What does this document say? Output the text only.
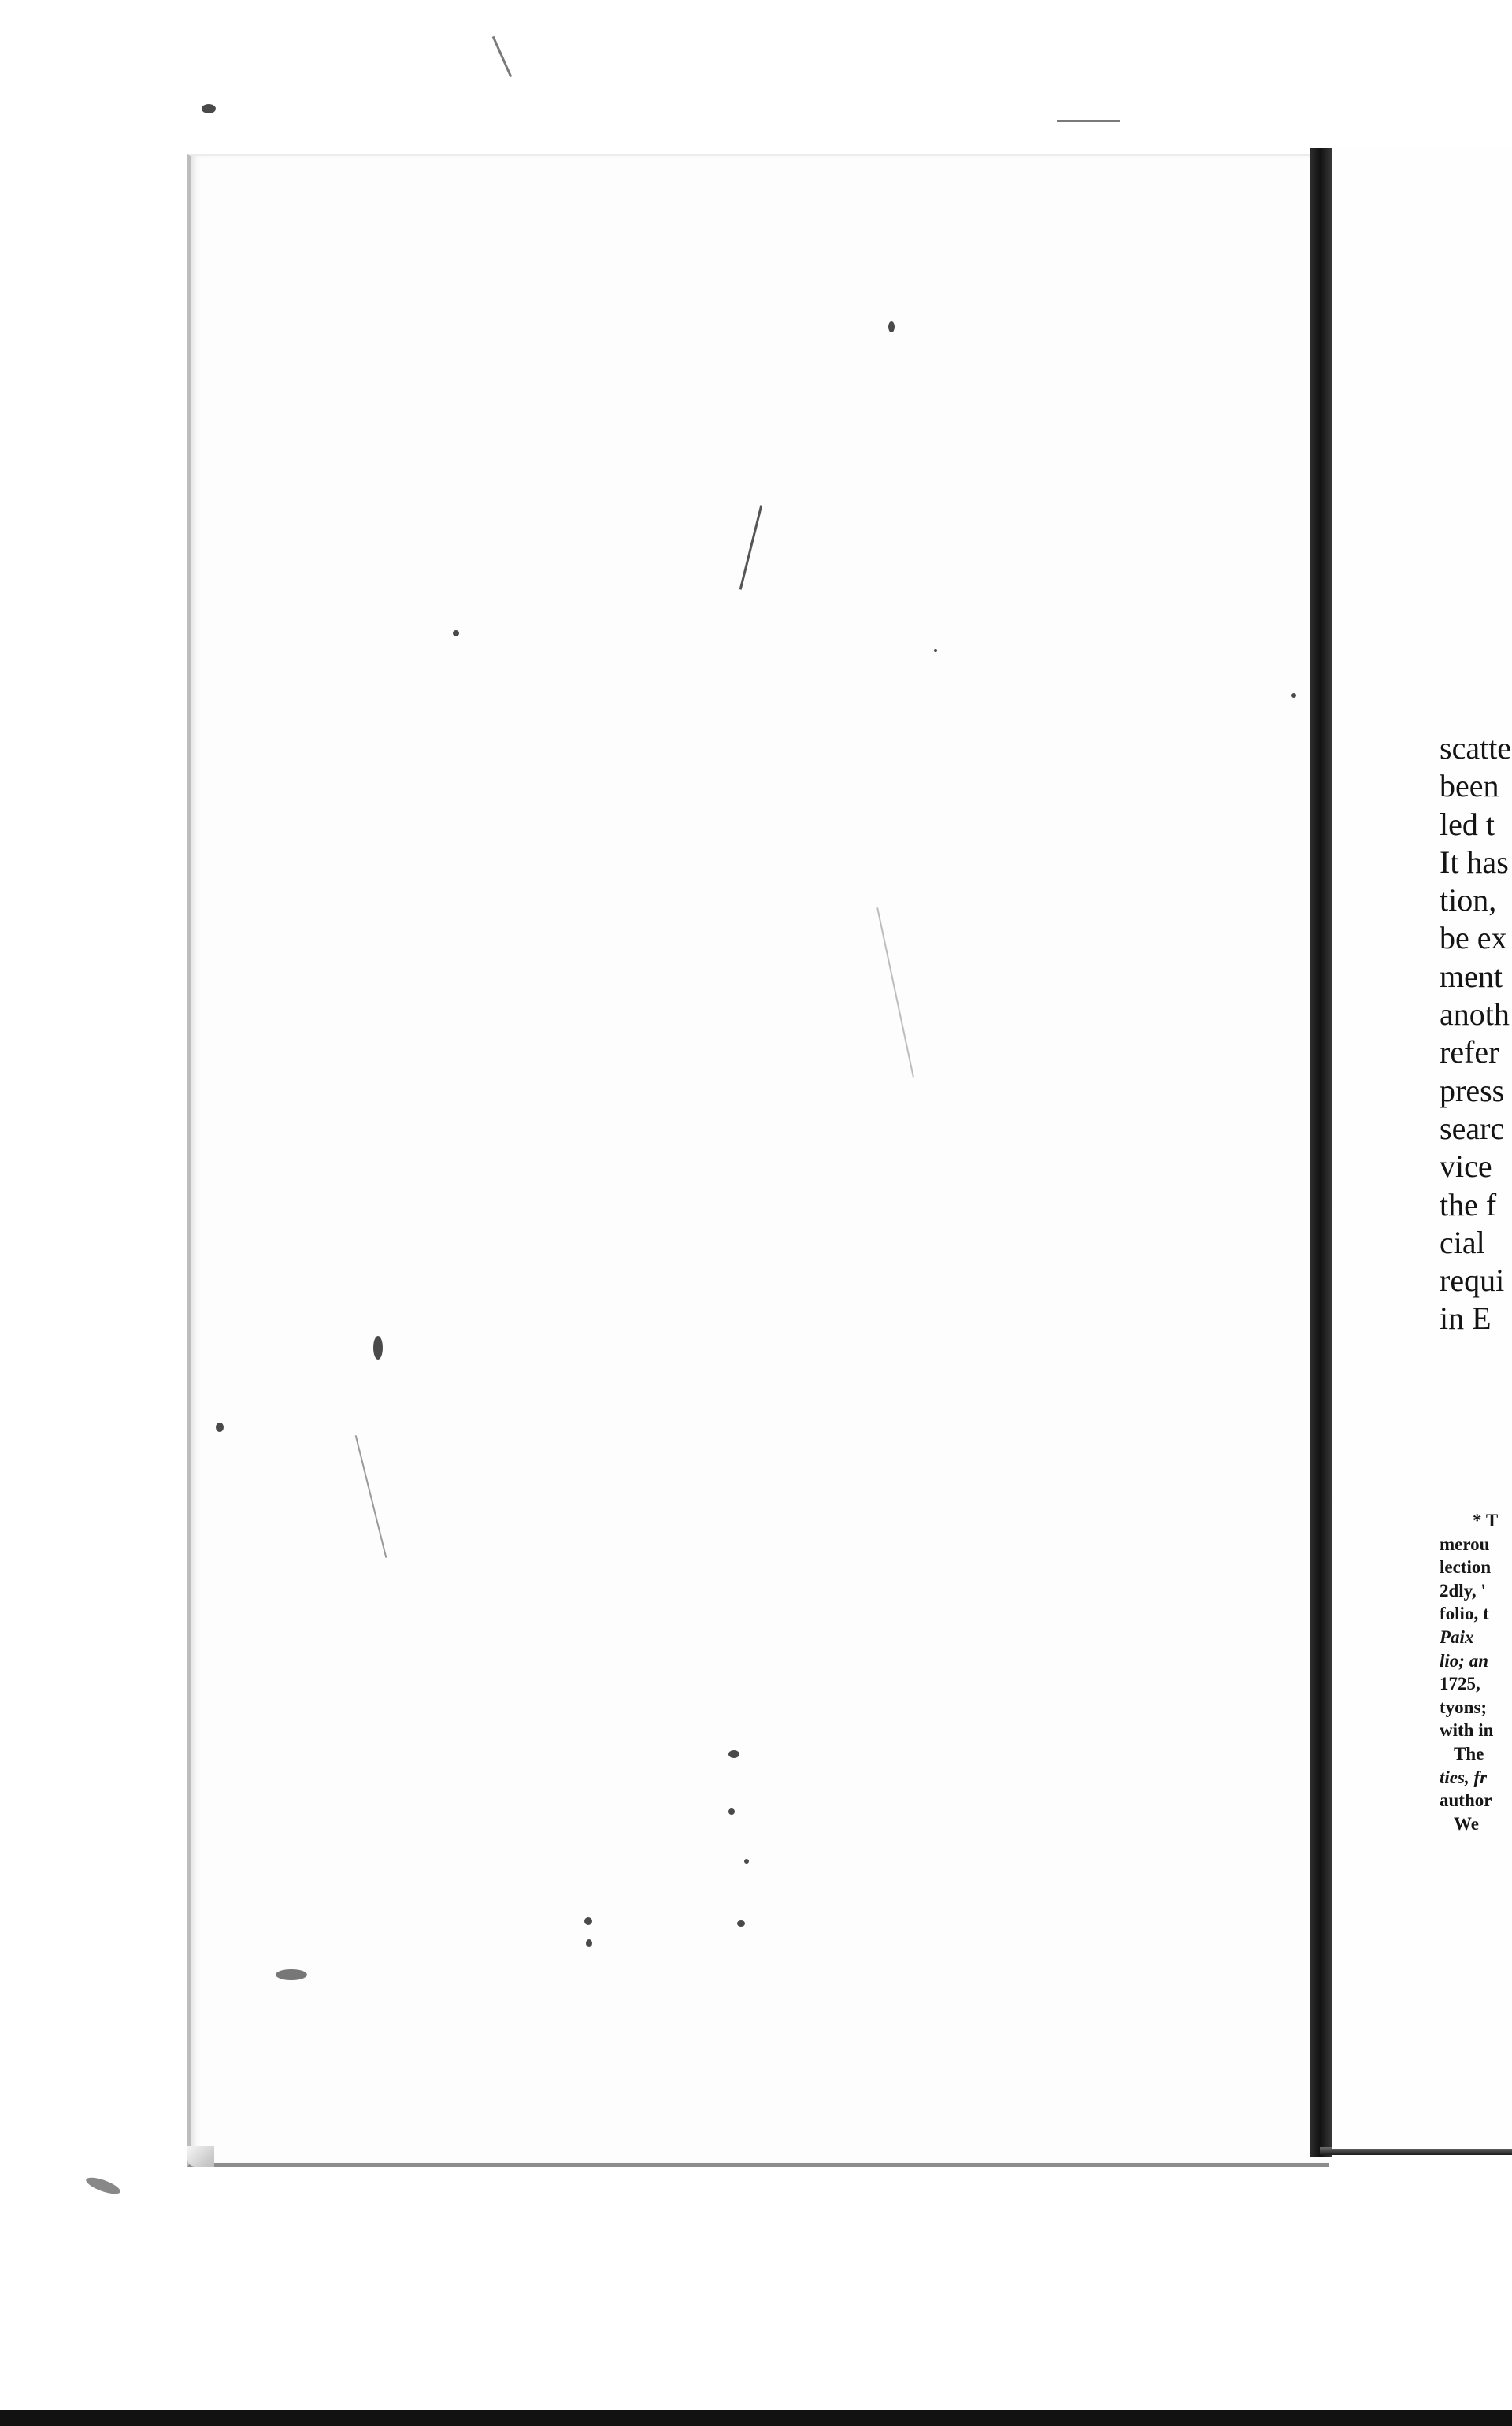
scatte
been
led t
It has
tion,
be ex
ment
anoth
refer
press
searc
vice
the f
cial
requi
in E
* T
merou
lection
2dly, '
folio, t
Paix
lio; an
1725,
tyons;
with in
The
ties, fr
author
We
